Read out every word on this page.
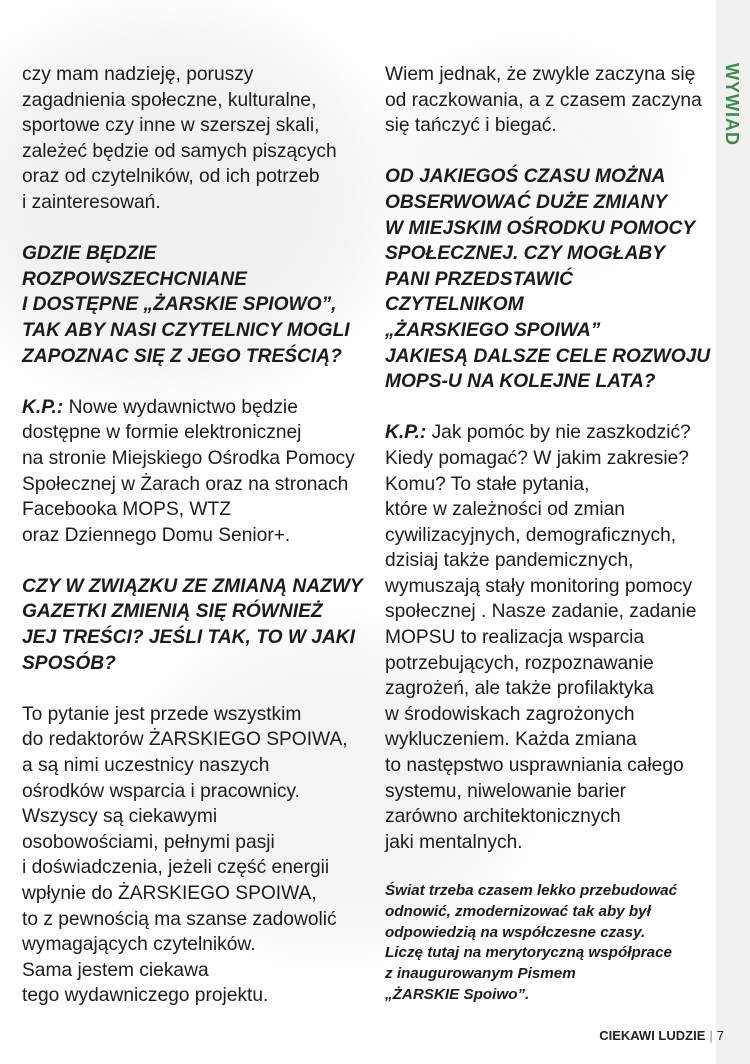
WYWIAD

czy mam nadzieję, poruszy
zagadnienia społeczne, kulturalne,
sportowe czy inne w szerszej skali,
zależeć będzie od samych piszących
oraz od czytelników, od ich potrzeb
i zainteresowań.

GDZIE BĘDZIE ROZPOWSZECHCNIANE
I DOSTĘPNE „ŻARSKIE SPIOWO”,
TAK ABY NASI CZYTELNICY MOGLI
ZAPOZNAC SIĘ Z JEGO TREŚCIĄ?

K.P.: Nowe wydawnictwo będzie
dostępne w formie elektronicznej
na stronie Miejskiego Ośrodka Pomocy
Społecznej w Żarach oraz na stronach
Facebooka MOPS, WTZ
oraz Dziennego Domu Senior+.

CZY W ZWIĄZKU ZE ZMIANĄ NAZWY
GAZETKI ZMIENIĄ SIĘ RÓWNIEŻ
JEJ TREŚCI? JEŚLI TAK, TO W JAKI
SPOSÓB?

To pytanie jest przede wszystkim
do redaktorów ŻARSKIEGO SPOIWA,
a są nimi uczestnicy naszych
ośrodków wsparcia i pracownicy.
Wszyscy są ciekawymi
osobowościami, pełnymi pasji
i doświadczenia, jeżeli część energii
wpłynie do ŻARSKIEGO SPOIWA,
to z pewnością ma szanse zadowolić
wymagających czytelników.
Sama jestem ciekawa
tego wydawniczego projektu.

Wiem jednak, że zwykle zaczyna się
od raczkowania, a z czasem zaczyna
się tańczyć i biegać.

OD JAKIEGOŚ CZASU MOŻNA
OBSERWOWAĆ DUŻE ZMIANY
W MIEJSKIM OŚRODKU POMOCY
SPOŁECZNEJ. CZY MOGŁABY
PANI PRZEDSTAWIĆ CZYTELNIKOM
„ŻARSKIEGO SPOIWA”
JAKIESĄ DALSZE CELE ROZWOJU
MOPS-U NA KOLEJNE LATA?

K.P.: Jak pomóc by nie zaszkodzić?
Kiedy pomagać? W jakim zakresie?
Komu? To stałe pytania,
które w zależności od zmian
cywilizacyjnych, demograficznych,
dzisiaj także pandemicznych,
wymuszają stały monitoring pomocy
społecznej . Nasze zadanie, zadanie
MOPSU to realizacja wsparcia
potrzebujących, rozpoznawanie
zagrożeń, ale także profilaktyka
w środowiskach zagrożonych
wykluczeniem. Każda zmiana
to następstwo usprawniania całego
systemu, niwelowanie barier
zarówno architektonicznych
jaki mentalnych.

Świat trzeba czasem lekko przebudować
odnowić, zmodernizować tak aby był
odpowiedzią na współczesne czasy.
Liczę tutaj na merytoryczną współprace
z inaugurowanym Pismem
„ŻARSKIE Spoiwo”.

CIEKAWI LUDZIE | 7
